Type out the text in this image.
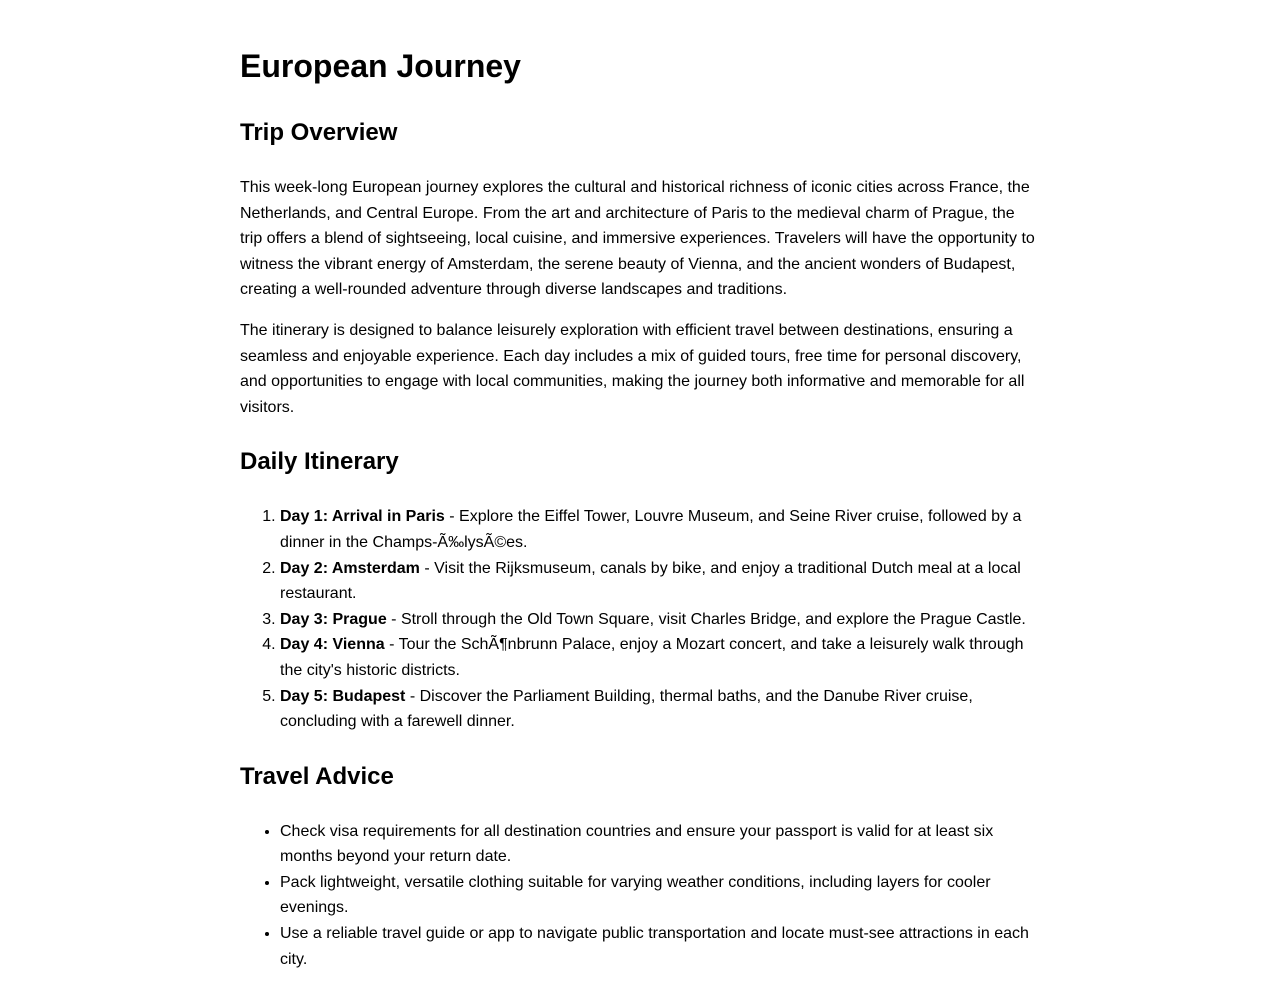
European Journey
Trip Overview

This week-long European journey explores the cultural and historical richness of iconic cities across France, the Netherlands, and Central Europe. From the art and architecture of Paris to the medieval charm of Prague, the trip offers a blend of sightseeing, local cuisine, and immersive experiences. Travelers will have the opportunity to witness the vibrant energy of Amsterdam, the serene beauty of Vienna, and the ancient wonders of Budapest, creating a well-rounded adventure through diverse landscapes and traditions.

The itinerary is designed to balance leisurely exploration with efficient travel between destinations, ensuring a seamless and enjoyable experience. Each day includes a mix of guided tours, free time for personal discovery, and opportunities to engage with local communities, making the journey both informative and memorable for all visitors.

Daily Itinerary
1. Day 1: Arrival in Paris - Explore the Eiffel Tower, Louvre Museum, and Seine River cruise, followed by a dinner in the Champs-Ã‰lysÃ©es.
2. Day 2: Amsterdam - Visit the Rijksmuseum, canals by bike, and enjoy a traditional Dutch meal at a local restaurant.
3. Day 3: Prague - Stroll through the Old Town Square, visit Charles Bridge, and explore the Prague Castle.
4. Day 4: Vienna - Tour the SchÃ¶nbrunn Palace, enjoy a Mozart concert, and take a leisurely walk through the city's historic districts.
5. Day 5: Budapest - Discover the Parliament Building, thermal baths, and the Danube River cruise, concluding with a farewell dinner.
Travel Advice
• Check visa requirements for all destination countries and ensure your passport is valid for at least six months beyond your return date.
• Pack lightweight, versatile clothing suitable for varying weather conditions, including layers for cooler evenings.
• Use a reliable travel guide or app to navigate public transportation and locate must-see attractions in each city.
